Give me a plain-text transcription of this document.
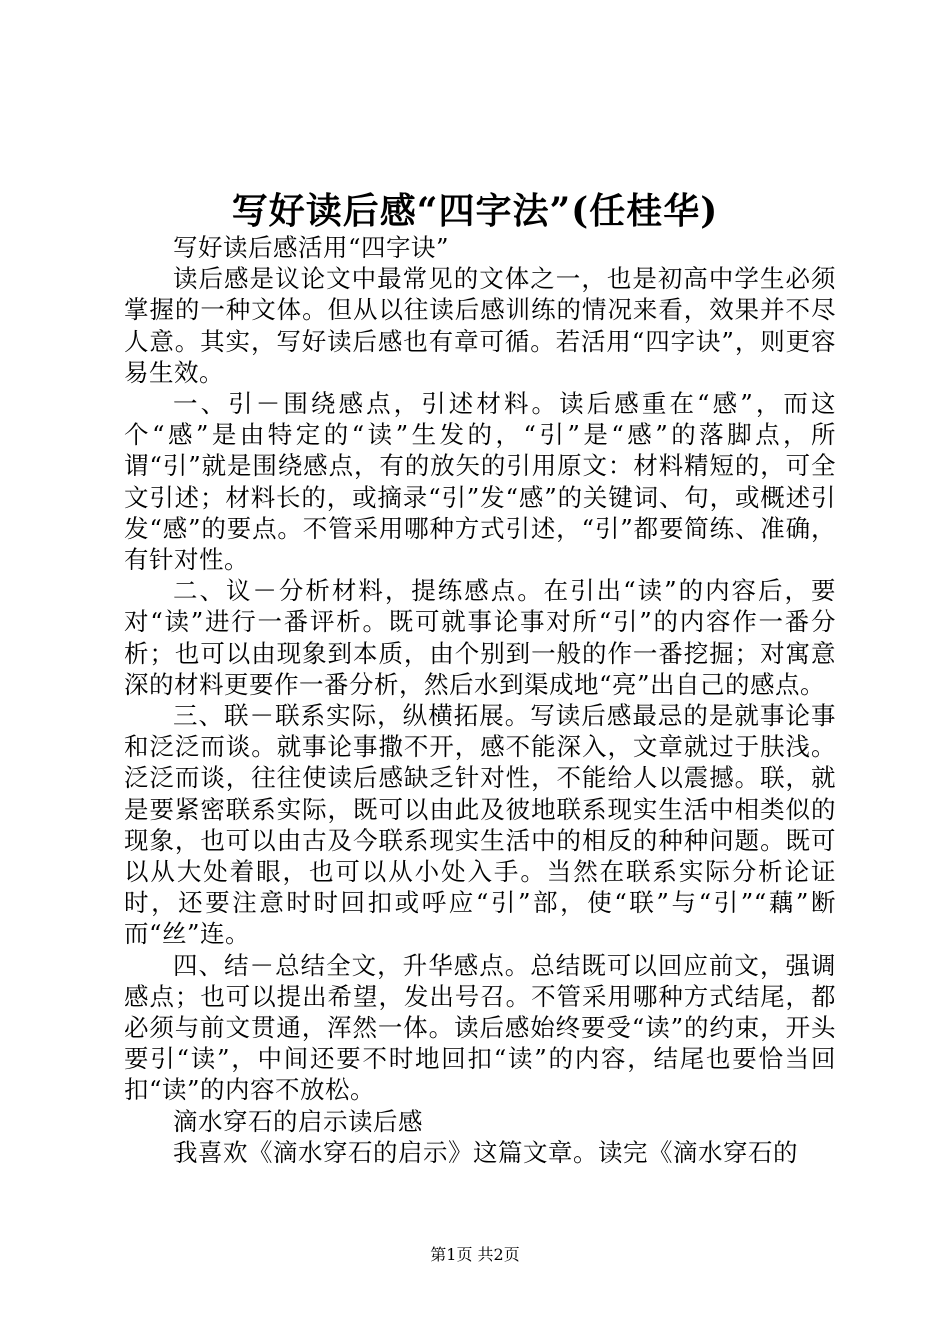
写好读后感“四字法”(任桂华)

写好读后感活用“四字诀”

读后感是议论文中最常见的文体之一，也是初高中学生必须掌握的一种文体。但从以往读后感训练的情况来看，效果并不尽人意。其实，写好读后感也有章可循。若活用“四字诀”，则更容易生效。

一、引－围绕感点，引述材料。读后感重在“感”，而这个“感”是由特定的“读”生发的，“引”是“感”的落脚点，所谓“引”就是围绕感点，有的放矢的引用原文：材料精短的，可全文引述；材料长的，或摘录“引”发“感”的关键词、句，或概述引发“感”的要点。不管采用哪种方式引述，“引”都要简练、准确，有针对性。

二、议－分析材料，提练感点。在引出“读”的内容后，要对“读”进行一番评析。既可就事论事对所“引”的内容作一番分析；也可以由现象到本质，由个别到一般的作一番挖掘；对寓意深的材料更要作一番分析，然后水到渠成地“亮”出自己的感点。

三、联－联系实际，纵横拓展。写读后感最忌的是就事论事和泛泛而谈。就事论事撒不开，感不能深入，文章就过于肤浅。泛泛而谈，往往使读后感缺乏针对性，不能给人以震撼。联，就是要紧密联系实际，既可以由此及彼地联系现实生活中相类似的现象，也可以由古及今联系现实生活中的相反的种种问题。既可以从大处着眼，也可以从小处入手。当然在联系实际分析论证时，还要注意时时回扣或呼应“引”部，使“联”与“引”“藕”断而“丝”连。

四、结－总结全文，升华感点。总结既可以回应前文，强调感点；也可以提出希望，发出号召。不管采用哪种方式结尾，都必须与前文贯通，浑然一体。读后感始终要受“读”的约束，开头要引“读”，中间还要不时地回扣“读”的内容，结尾也要恰当回扣“读”的内容不放松。

滴水穿石的启示读后感

我喜欢《滴水穿石的启示》这篇文章。读完《滴水穿石的

第1页 共2页
